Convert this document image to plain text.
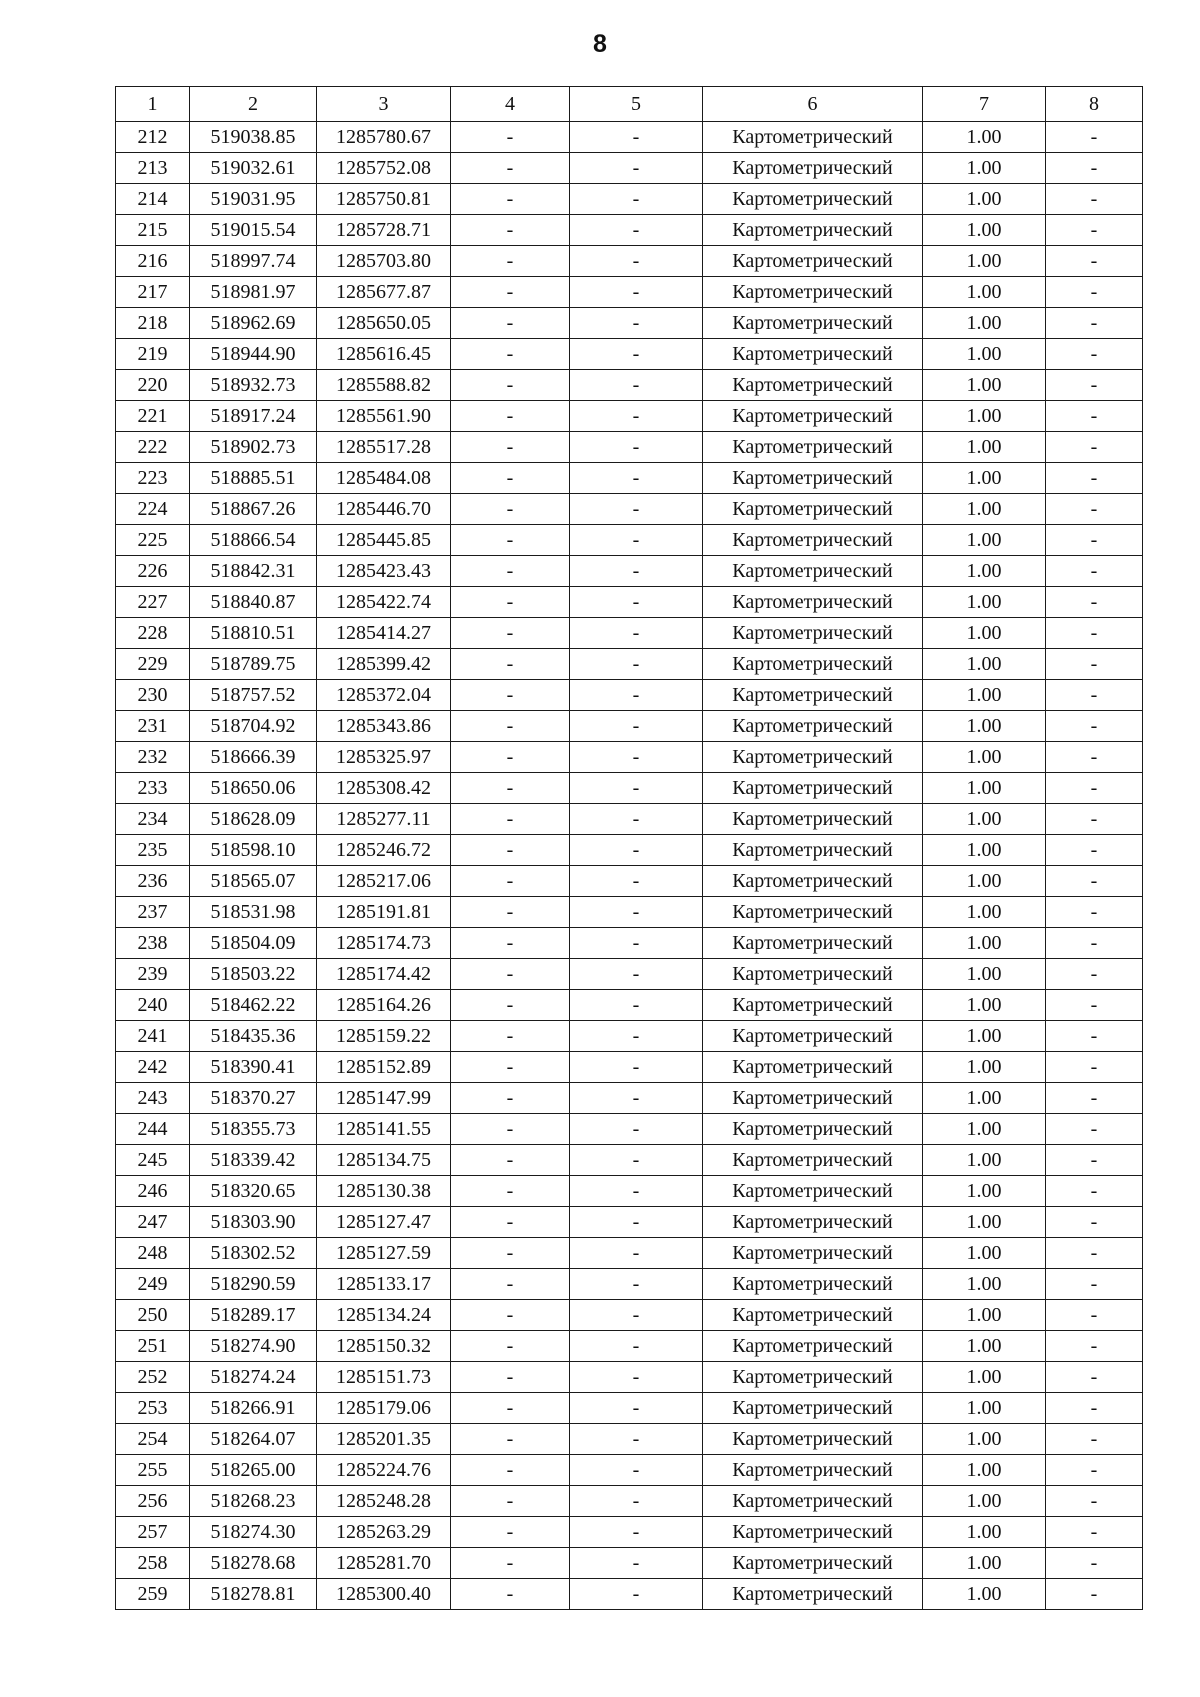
8
1	2	3	4	5	6	7	8
212	519038.85	1285780.67	-	-	Картометрический	1.00	-
213	519032.61	1285752.08	-	-	Картометрический	1.00	-
214	519031.95	1285750.81	-	-	Картометрический	1.00	-
215	519015.54	1285728.71	-	-	Картометрический	1.00	-
216	518997.74	1285703.80	-	-	Картометрический	1.00	-
217	518981.97	1285677.87	-	-	Картометрический	1.00	-
218	518962.69	1285650.05	-	-	Картометрический	1.00	-
219	518944.90	1285616.45	-	-	Картометрический	1.00	-
220	518932.73	1285588.82	-	-	Картометрический	1.00	-
221	518917.24	1285561.90	-	-	Картометрический	1.00	-
222	518902.73	1285517.28	-	-	Картометрический	1.00	-
223	518885.51	1285484.08	-	-	Картометрический	1.00	-
224	518867.26	1285446.70	-	-	Картометрический	1.00	-
225	518866.54	1285445.85	-	-	Картометрический	1.00	-
226	518842.31	1285423.43	-	-	Картометрический	1.00	-
227	518840.87	1285422.74	-	-	Картометрический	1.00	-
228	518810.51	1285414.27	-	-	Картометрический	1.00	-
229	518789.75	1285399.42	-	-	Картометрический	1.00	-
230	518757.52	1285372.04	-	-	Картометрический	1.00	-
231	518704.92	1285343.86	-	-	Картометрический	1.00	-
232	518666.39	1285325.97	-	-	Картометрический	1.00	-
233	518650.06	1285308.42	-	-	Картометрический	1.00	-
234	518628.09	1285277.11	-	-	Картометрический	1.00	-
235	518598.10	1285246.72	-	-	Картометрический	1.00	-
236	518565.07	1285217.06	-	-	Картометрический	1.00	-
237	518531.98	1285191.81	-	-	Картометрический	1.00	-
238	518504.09	1285174.73	-	-	Картометрический	1.00	-
239	518503.22	1285174.42	-	-	Картометрический	1.00	-
240	518462.22	1285164.26	-	-	Картометрический	1.00	-
241	518435.36	1285159.22	-	-	Картометрический	1.00	-
242	518390.41	1285152.89	-	-	Картометрический	1.00	-
243	518370.27	1285147.99	-	-	Картометрический	1.00	-
244	518355.73	1285141.55	-	-	Картометрический	1.00	-
245	518339.42	1285134.75	-	-	Картометрический	1.00	-
246	518320.65	1285130.38	-	-	Картометрический	1.00	-
247	518303.90	1285127.47	-	-	Картометрический	1.00	-
248	518302.52	1285127.59	-	-	Картометрический	1.00	-
249	518290.59	1285133.17	-	-	Картометрический	1.00	-
250	518289.17	1285134.24	-	-	Картометрический	1.00	-
251	518274.90	1285150.32	-	-	Картометрический	1.00	-
252	518274.24	1285151.73	-	-	Картометрический	1.00	-
253	518266.91	1285179.06	-	-	Картометрический	1.00	-
254	518264.07	1285201.35	-	-	Картометрический	1.00	-
255	518265.00	1285224.76	-	-	Картометрический	1.00	-
256	518268.23	1285248.28	-	-	Картометрический	1.00	-
257	518274.30	1285263.29	-	-	Картометрический	1.00	-
258	518278.68	1285281.70	-	-	Картометрический	1.00	-
259	518278.81	1285300.40	-	-	Картометрический	1.00	-
